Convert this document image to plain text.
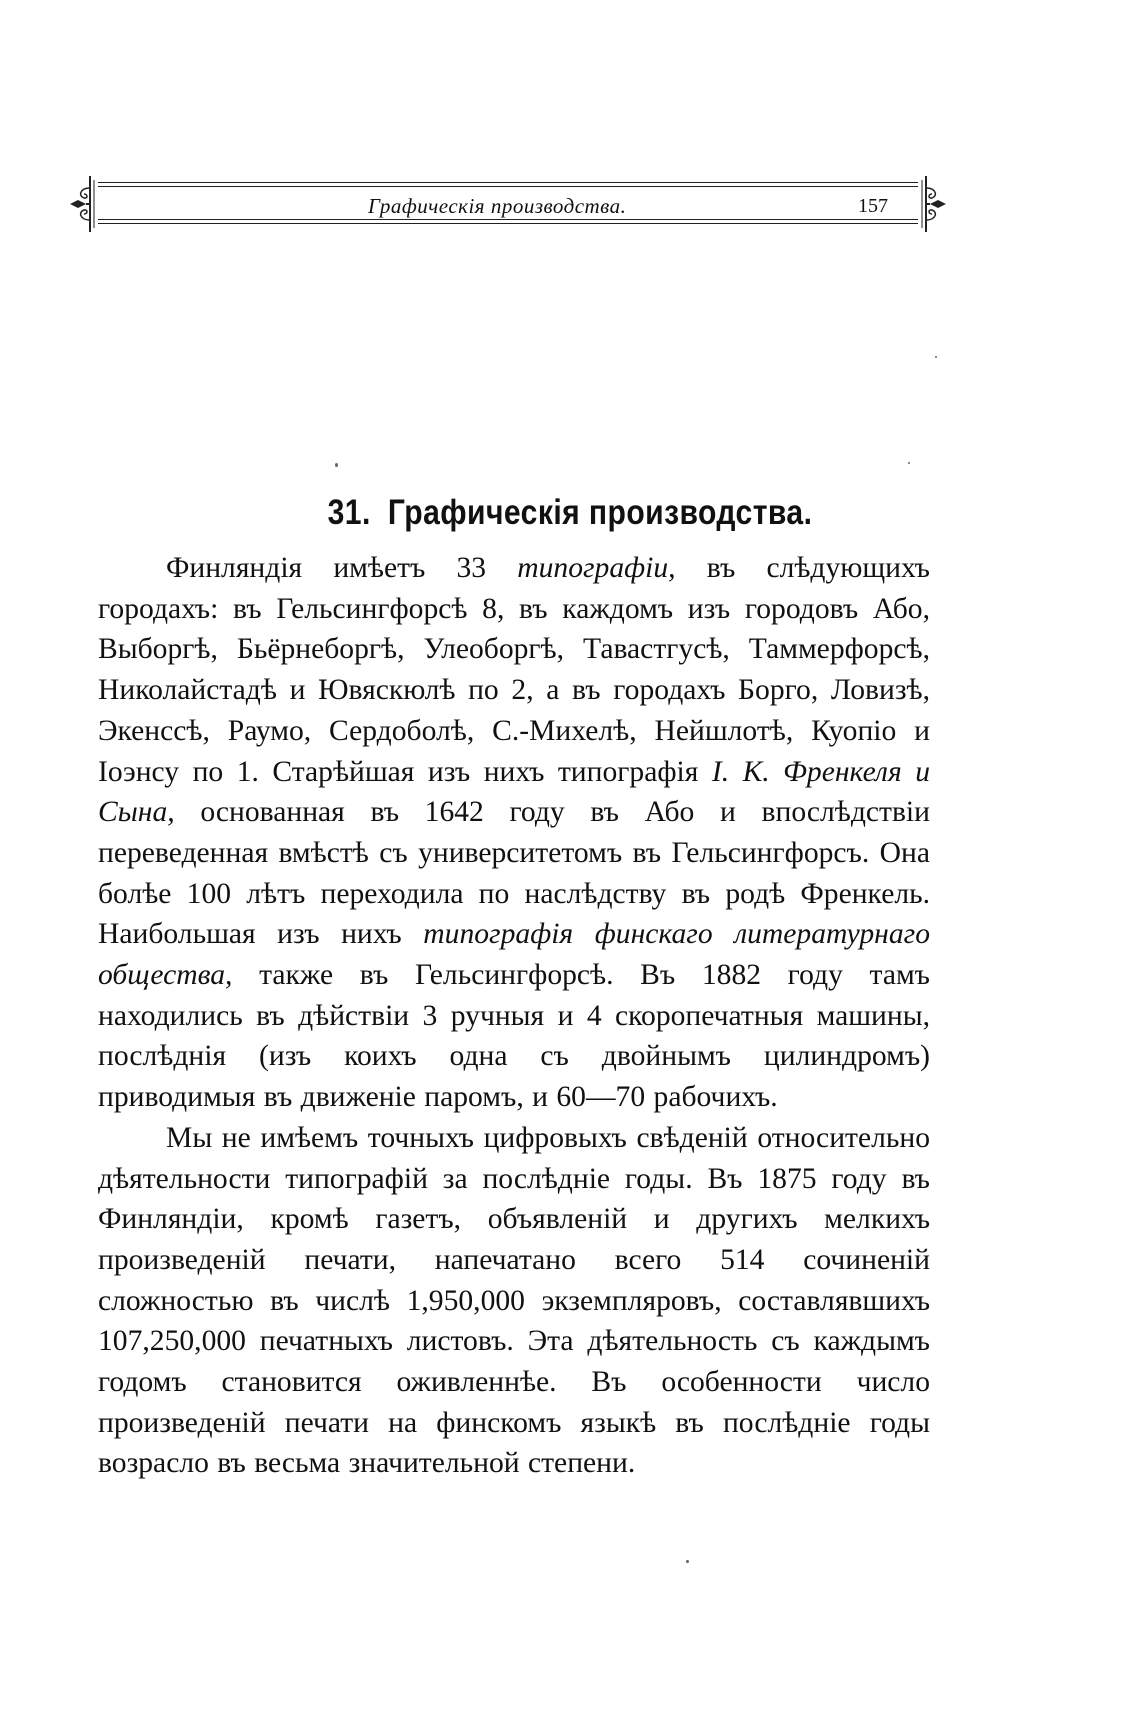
Графическія производства.	157
31. Графическія производства.

Финляндія имѣетъ 33 типографіи, въ слѣдующихъ городахъ: въ Гельсингфорсѣ 8, въ каждомъ изъ городовъ Або, Выборгѣ, Бьёрнеборгѣ, Улеоборгѣ, Тавастгусѣ, Таммерфорсѣ, Николайстадѣ и Ювяскюлѣ по 2, а въ городахъ Борго, Ловизѣ, Экенссѣ, Раумо, Сердоболѣ, С.-Михелѣ, Нейшлотѣ, Куопіо и Іоэнсу по 1. Старѣйшая изъ нихъ типографія І. К. Френкеля и Сына, основанная въ 1642 году въ Або и впослѣдствіи переведенная вмѣстѣ съ университетомъ въ Гельсингфорсъ. Она болѣе 100 лѣтъ переходила по наслѣдству въ родѣ Френкель. Наибольшая изъ нихъ типографія финскаго литературнаго общества, также въ Гельсингфорсѣ. Въ 1882 году тамъ находились въ дѣйствіи 3 ручныя и 4 скоропечатныя машины, послѣднія (изъ коихъ одна съ двойнымъ цилиндромъ) приводимыя въ движеніе паромъ, и 60—70 рабочихъ.

Мы не имѣемъ точныхъ цифровыхъ свѣденій относительно дѣятельности типографій за послѣдніе годы. Въ 1875 году въ Финляндіи, кромѣ газетъ, объявленій и другихъ мелкихъ произведеній печати, напечатано всего 514 сочиненій сложностью въ числѣ 1,950,000 экземпляровъ, составлявшихъ 107,250,000 печатныхъ листовъ. Эта дѣятельность съ каждымъ годомъ становится оживленнѣе. Въ особенности число произведеній печати на финскомъ языкѣ въ послѣдніе годы возрасло въ весьма значительной степени.
